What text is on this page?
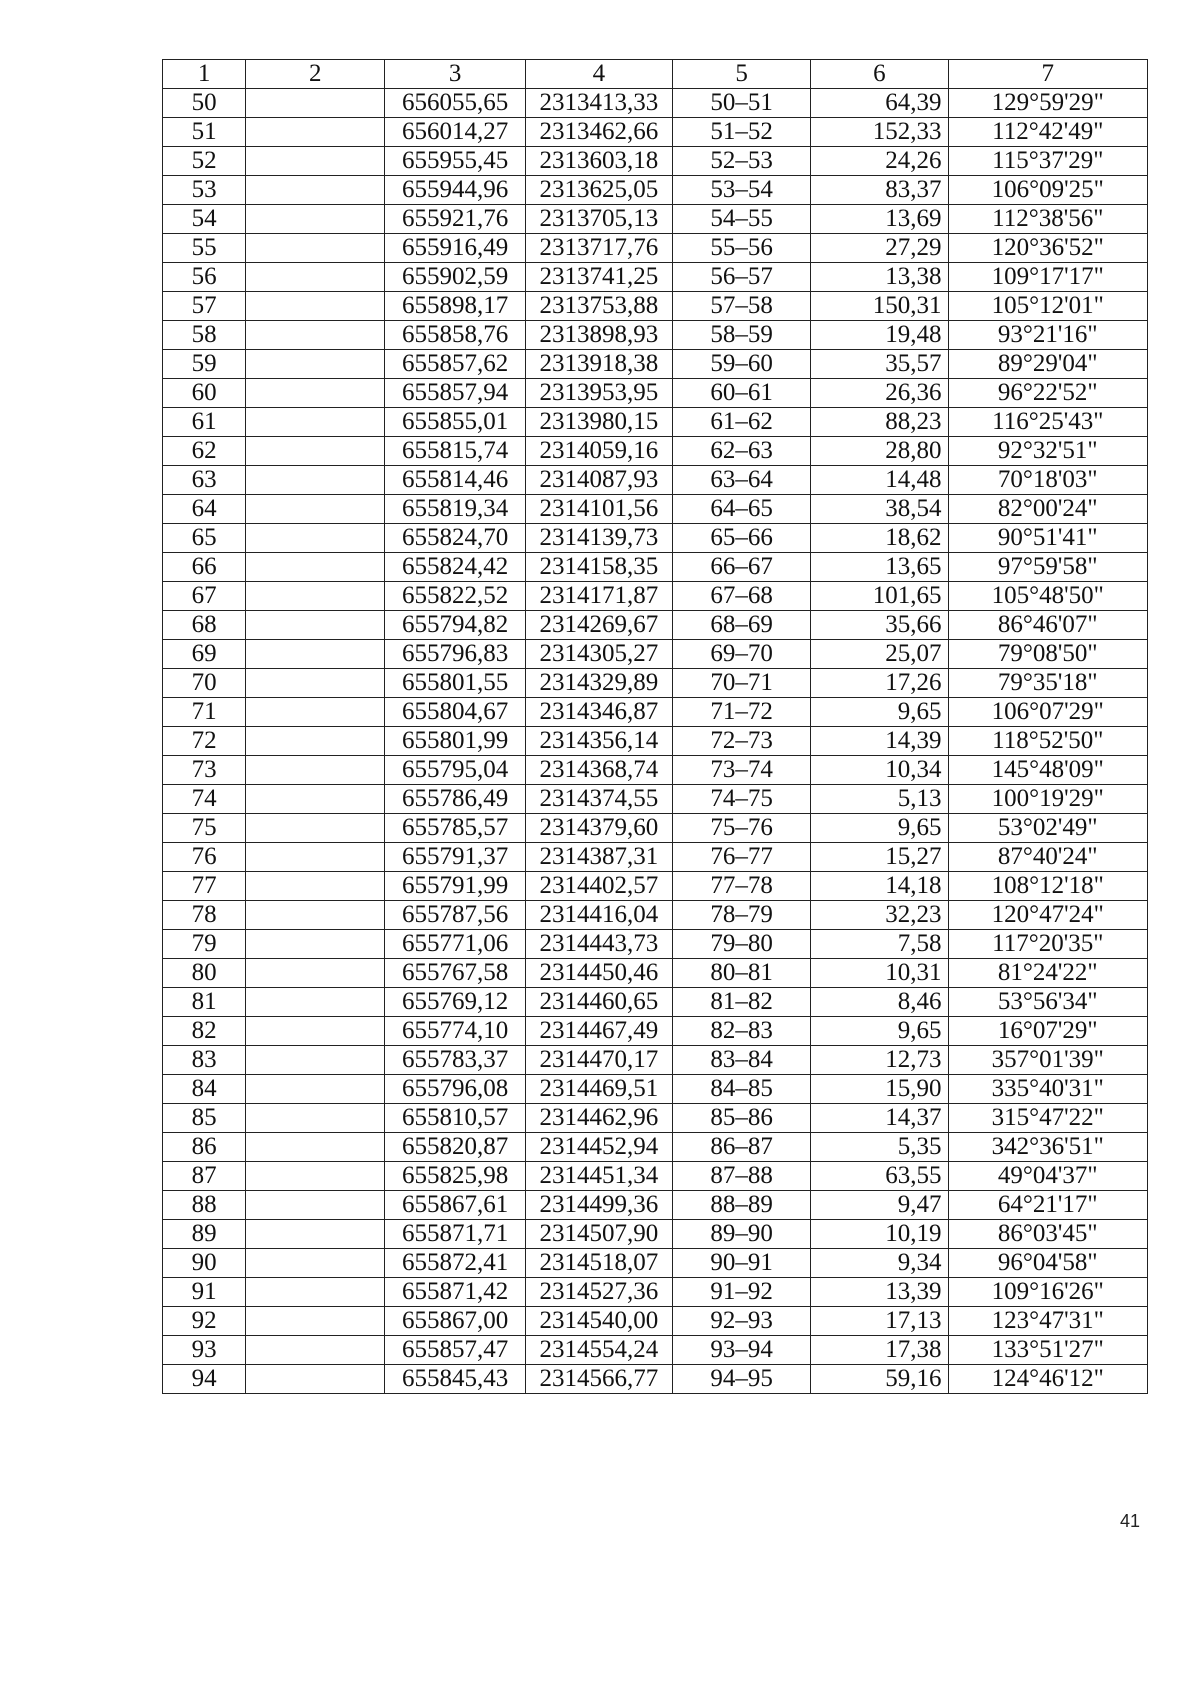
1	2	3	4	5	6	7
50		656055,65	2313413,33	50–51	64,39	129°59'29"
51		656014,27	2313462,66	51–52	152,33	112°42'49"
52		655955,45	2313603,18	52–53	24,26	115°37'29"
53		655944,96	2313625,05	53–54	83,37	106°09'25"
54		655921,76	2313705,13	54–55	13,69	112°38'56"
55		655916,49	2313717,76	55–56	27,29	120°36'52"
56		655902,59	2313741,25	56–57	13,38	109°17'17"
57		655898,17	2313753,88	57–58	150,31	105°12'01"
58		655858,76	2313898,93	58–59	19,48	93°21'16"
59		655857,62	2313918,38	59–60	35,57	89°29'04"
60		655857,94	2313953,95	60–61	26,36	96°22'52"
61		655855,01	2313980,15	61–62	88,23	116°25'43"
62		655815,74	2314059,16	62–63	28,80	92°32'51"
63		655814,46	2314087,93	63–64	14,48	70°18'03"
64		655819,34	2314101,56	64–65	38,54	82°00'24"
65		655824,70	2314139,73	65–66	18,62	90°51'41"
66		655824,42	2314158,35	66–67	13,65	97°59'58"
67		655822,52	2314171,87	67–68	101,65	105°48'50"
68		655794,82	2314269,67	68–69	35,66	86°46'07"
69		655796,83	2314305,27	69–70	25,07	79°08'50"
70		655801,55	2314329,89	70–71	17,26	79°35'18"
71		655804,67	2314346,87	71–72	9,65	106°07'29"
72		655801,99	2314356,14	72–73	14,39	118°52'50"
73		655795,04	2314368,74	73–74	10,34	145°48'09"
74		655786,49	2314374,55	74–75	5,13	100°19'29"
75		655785,57	2314379,60	75–76	9,65	53°02'49"
76		655791,37	2314387,31	76–77	15,27	87°40'24"
77		655791,99	2314402,57	77–78	14,18	108°12'18"
78		655787,56	2314416,04	78–79	32,23	120°47'24"
79		655771,06	2314443,73	79–80	7,58	117°20'35"
80		655767,58	2314450,46	80–81	10,31	81°24'22"
81		655769,12	2314460,65	81–82	8,46	53°56'34"
82		655774,10	2314467,49	82–83	9,65	16°07'29"
83		655783,37	2314470,17	83–84	12,73	357°01'39"
84		655796,08	2314469,51	84–85	15,90	335°40'31"
85		655810,57	2314462,96	85–86	14,37	315°47'22"
86		655820,87	2314452,94	86–87	5,35	342°36'51"
87		655825,98	2314451,34	87–88	63,55	49°04'37"
88		655867,61	2314499,36	88–89	9,47	64°21'17"
89		655871,71	2314507,90	89–90	10,19	86°03'45"
90		655872,41	2314518,07	90–91	9,34	96°04'58"
91		655871,42	2314527,36	91–92	13,39	109°16'26"
92		655867,00	2314540,00	92–93	17,13	123°47'31"
93		655857,47	2314554,24	93–94	17,38	133°51'27"
94		655845,43	2314566,77	94–95	59,16	124°46'12"
41
